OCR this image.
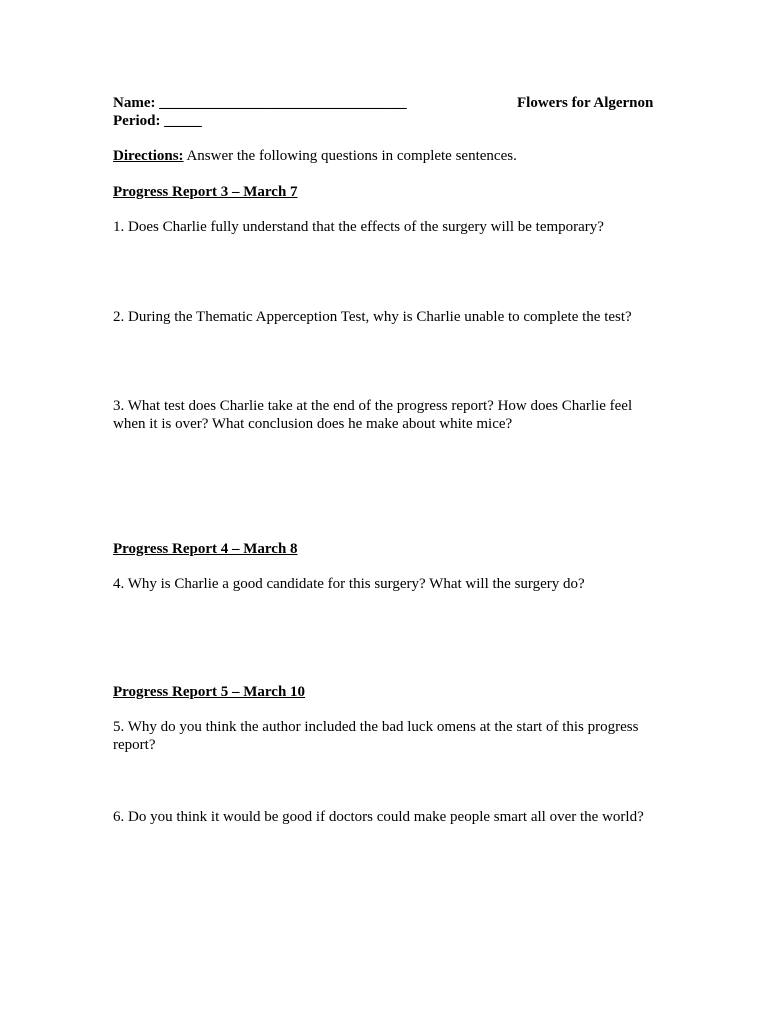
Name: _________________________________	Flowers for Algernon

Period: _____

Directions: Answer the following questions in complete sentences.

Progress Report 3 – March 7

1. Does Charlie fully understand that the effects of the surgery will be temporary?

2. During the Thematic Apperception Test, why is Charlie unable to complete the test?

3. What test does Charlie take at the end of the progress report? How does Charlie feel when it is over? What conclusion does he make about white mice?

Progress Report 4 – March 8

4. Why is Charlie a good candidate for this surgery? What will the surgery do?

Progress Report 5 – March 10

5. Why do you think the author included the bad luck omens at the start of this progress report?

6. Do you think it would be good if doctors could make people smart all over the world?
